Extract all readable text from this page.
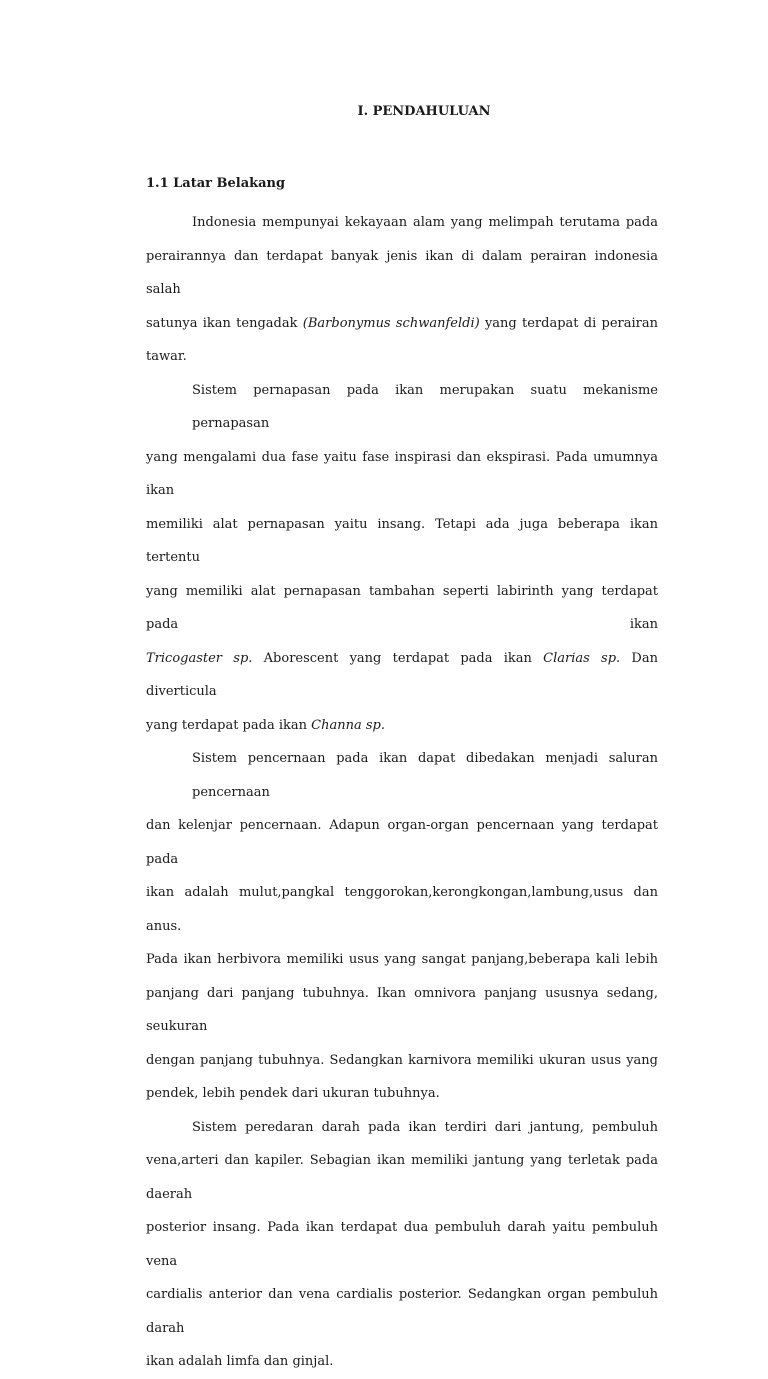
I. PENDAHULUAN
1.1 Latar Belakang
Indonesia mempunyai kekayaan alam yang melimpah terutama pada
perairannya dan terdapat banyak jenis ikan di dalam perairan indonesia salah
satunya ikan tengadak (Barbonymus schwanfeldi) yang terdapat di perairan tawar.
Sistem pernapasan pada ikan merupakan suatu mekanisme pernapasan
yang mengalami dua fase yaitu fase inspirasi dan ekspirasi. Pada umumnya ikan
memiliki alat pernapasan yaitu insang. Tetapi ada juga beberapa ikan tertentu
yang memiliki alat pernapasan tambahan seperti labirinth yang terdapat pada ikan
Tricogaster sp. Aborescent yang terdapat pada ikan Clarias sp. Dan diverticula
yang terdapat pada ikan Channa sp.
Sistem pencernaan pada ikan dapat dibedakan menjadi saluran pencernaan
dan kelenjar pencernaan. Adapun organ-organ pencernaan yang terdapat pada
ikan adalah mulut,pangkal tenggorokan,kerongkongan,lambung,usus dan anus.
Pada ikan herbivora memiliki usus yang sangat panjang,beberapa kali lebih
panjang dari panjang tubuhnya. Ikan omnivora panjang ususnya sedang, seukuran
dengan panjang tubuhnya. Sedangkan karnivora memiliki ukuran usus yang
pendek, lebih pendek dari ukuran tubuhnya.
Sistem peredaran darah pada ikan terdiri dari jantung, pembuluh
vena,arteri dan kapiler. Sebagian ikan memiliki jantung yang terletak pada daerah
posterior insang. Pada ikan terdapat dua pembuluh darah yaitu pembuluh vena
cardialis anterior dan vena cardialis posterior. Sedangkan organ pembuluh darah
ikan adalah limfa dan ginjal.
